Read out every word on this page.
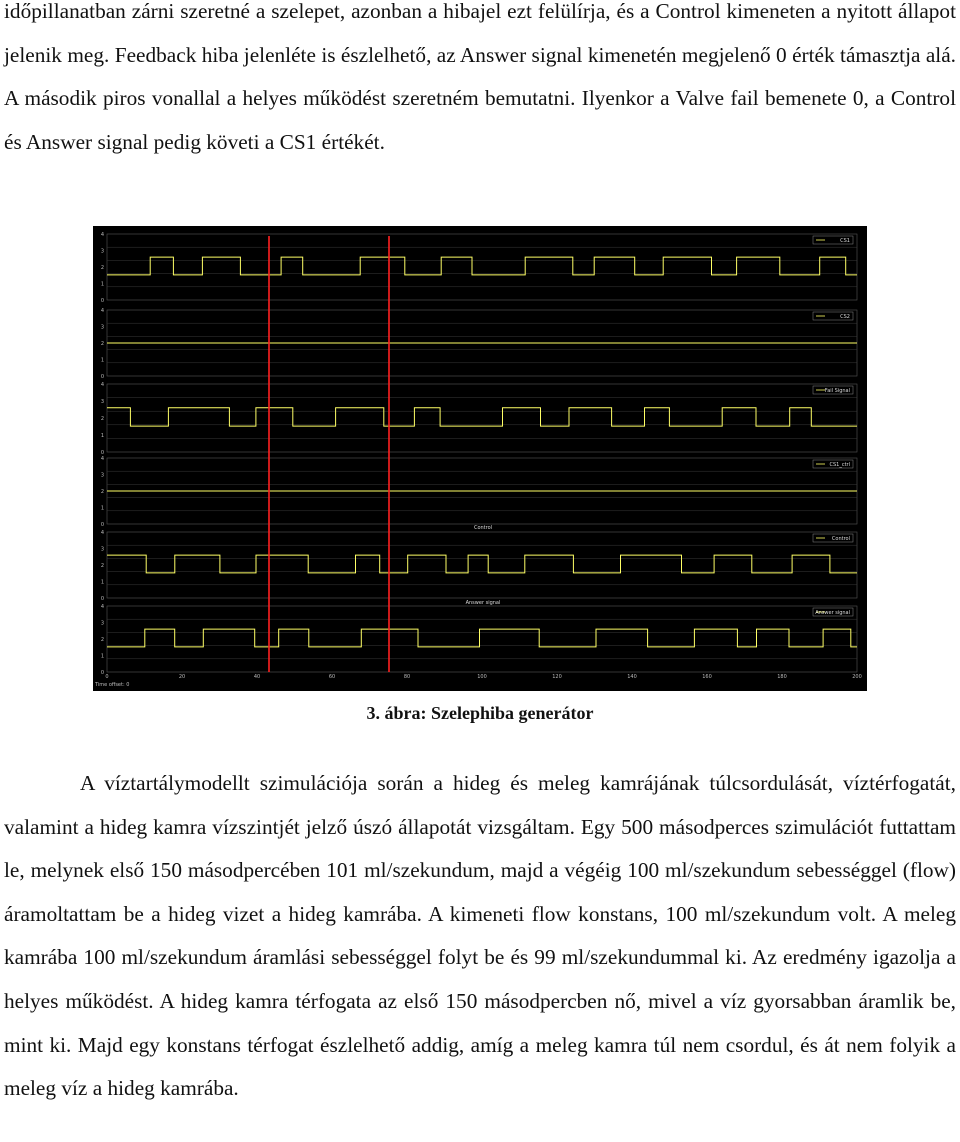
időpillanatban zárni szeretné a szelepet, azonban a hibajel ezt felülírja, és a Control kimeneten a nyitott állapot jelenik meg. Feedback hiba jelenléte is észlelhető, az Answer signal kimenetén megjelenő 0 érték támasztja alá. A második piros vonallal a helyes működést szeretném bemutatni. Ilyenkor a Valve fail bemenete 0, a Control és Answer signal pedig követi a CS1 értékét.

4
3
2
1
0
CS1
4
3
2
1
0
CS2
4
3
2
1
0
Fail Signal
4
3
2
1
0
CS1_ctrl
4
3
2
1
0
Control
4
3
2
1
0
Answer signal
Control
Answer signal
0	20	40	60	80	100	120	140	160	180	200
Time offset: 0
3. ábra: Szelephiba generátor

A víztartálymodellt szimulációja során a hideg és meleg kamrájának túlcsordulását, víztérfogatát, valamint a hideg kamra vízszintjét jelző úszó állapotát vizsgáltam. Egy 500 másodperces szimulációt futtattam le, melynek első 150 másodpercében 101 ml/szekundum, majd a végéig 100 ml/szekundum sebességgel (flow) áramoltattam be a hideg vizet a hideg kamrába. A kimeneti flow konstans, 100 ml/szekundum volt. A meleg kamrába 100 ml/szekundum áramlási sebességgel folyt be és 99 ml/szekundummal ki. Az eredmény igazolja a helyes működést. A hideg kamra térfogata az első 150 másodpercben nő, mivel a víz gyorsabban áramlik be, mint ki. Majd egy konstans térfogat észlelhető addig, amíg a meleg kamra túl nem csordul, és át nem folyik a meleg víz a hideg kamrába.
